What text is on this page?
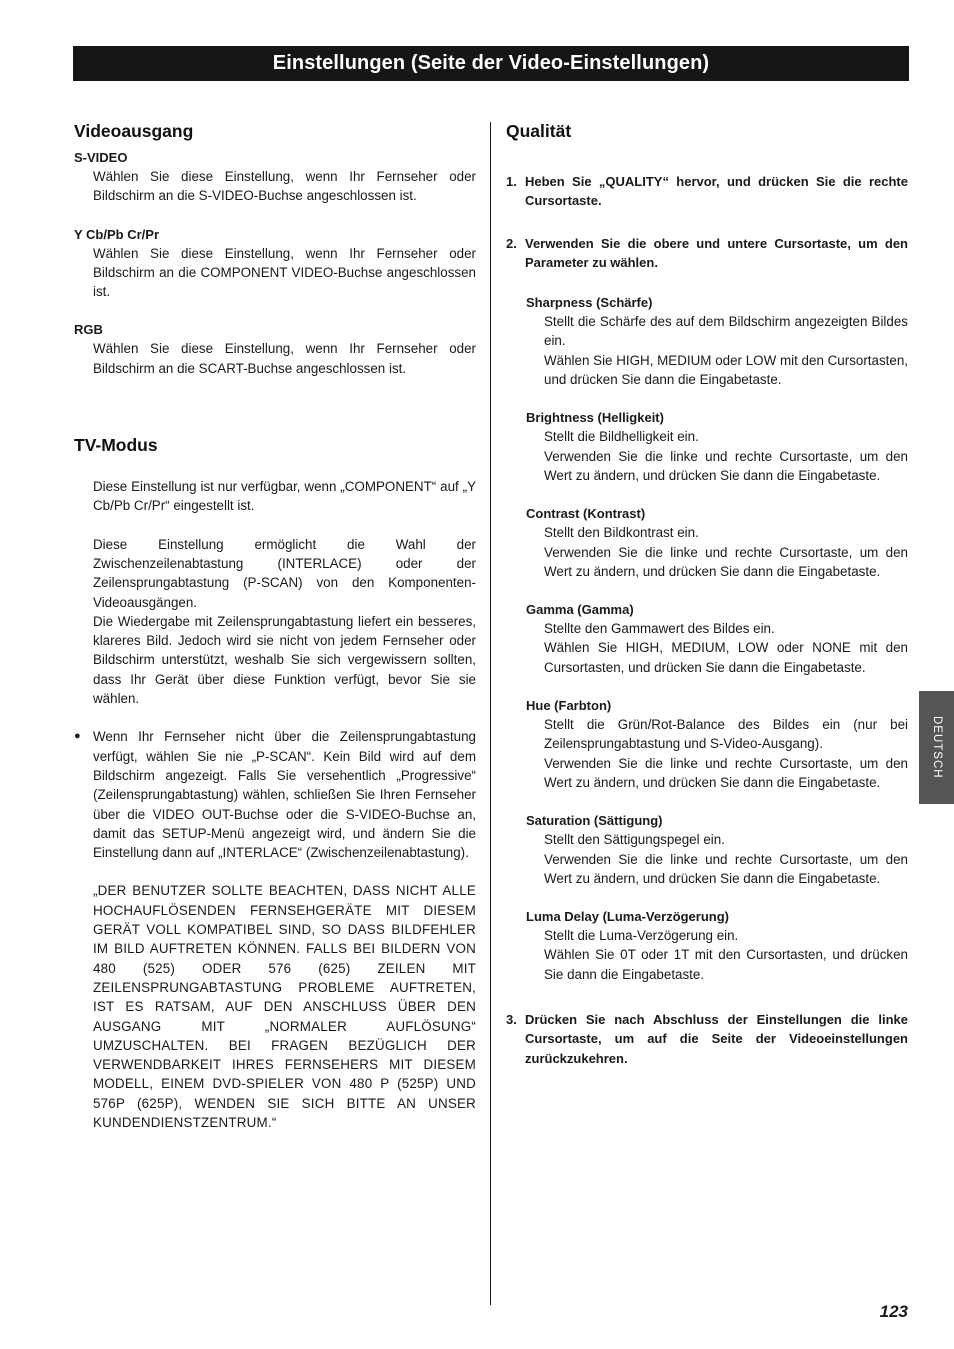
Einstellungen (Seite der Video-Einstellungen)
Videoausgang

S-VIDEO

Wählen Sie diese Einstellung, wenn Ihr Fernseher oder Bildschirm an die S-VIDEO-Buchse angeschlossen ist.

Y Cb/Pb Cr/Pr

Wählen Sie diese Einstellung, wenn Ihr Fernseher oder Bildschirm an die COMPONENT VIDEO-Buchse angeschlossen ist.

RGB

Wählen Sie diese Einstellung, wenn Ihr Fernseher oder Bildschirm an die SCART-Buchse angeschlossen ist.

TV-Modus

Diese Einstellung ist nur verfügbar, wenn „COMPONENT“ auf „Y Cb/Pb Cr/Pr“ eingestellt ist.

Diese Einstellung ermöglicht die Wahl der Zwischenzeilenabtastung (INTERLACE) oder der Zeilensprungabtastung (P-SCAN) von den Komponenten-Videoausgängen.

Die Wiedergabe mit Zeilensprungabtastung liefert ein besseres, klareres Bild. Jedoch wird sie nicht von jedem Fernseher oder Bildschirm unterstützt, weshalb Sie sich vergewissern sollten, dass Ihr Gerät über diese Funktion verfügt, bevor Sie sie wählen.

● Wenn Ihr Fernseher nicht über die Zeilensprungabtastung verfügt, wählen Sie nie „P-SCAN“. Kein Bild wird auf dem Bildschirm angezeigt. Falls Sie versehentlich „Progressive“ (Zeilensprungabtastung) wählen, schließen Sie Ihren Fernseher über die VIDEO OUT-Buchse oder die S-VIDEO-Buchse an, damit das SETUP-Menü angezeigt wird, und ändern Sie die Einstellung dann auf „INTERLACE“ (Zwischenzeilenabtastung).

„DER BENUTZER SOLLTE BEACHTEN, DASS NICHT ALLE HOCHAUFLÖSENDEN FERNSEHGERÄTE MIT DIESEM GERÄT VOLL KOMPATIBEL SIND, SO DASS BILDFEHLER IM BILD AUFTRETEN KÖNNEN. FALLS BEI BILDERN VON 480 (525) ODER 576 (625) ZEILEN MIT ZEILENSPRUNGABTASTUNG PROBLEME AUFTRETEN, IST ES RATSAM, AUF DEN ANSCHLUSS ÜBER DEN AUSGANG MIT „NORMALER AUFLÖSUNG“ UMZUSCHALTEN. BEI FRAGEN BEZÜGLICH DER VERWENDBARKEIT IHRES FERNSEHERS MIT DIESEM MODELL, EINEM DVD-SPIELER VON 480 P (525P) UND 576P (625P), WENDEN SIE SICH BITTE AN UNSER KUNDENDIENSTZENTRUM.“

Qualität
1. Heben Sie „QUALITY“ hervor, und drücken Sie die rechte Cursortaste.
2. Verwenden Sie die obere und untere Cursortaste, um den Parameter zu wählen.

Sharpness (Schärfe)

Stellt die Schärfe des auf dem Bildschirm angezeigten Bildes ein.

Wählen Sie HIGH, MEDIUM oder LOW mit den Cursortasten, und drücken Sie dann die Eingabetaste.

Brightness (Helligkeit)

Stellt die Bildhelligkeit ein.

Verwenden Sie die linke und rechte Cursortaste, um den Wert zu ändern, und drücken Sie dann die Eingabetaste.

Contrast (Kontrast)

Stellt den Bildkontrast ein.

Verwenden Sie die linke und rechte Cursortaste, um den Wert zu ändern, und drücken Sie dann die Eingabetaste.

Gamma (Gamma)

Stellte den Gammawert des Bildes ein.

Wählen Sie HIGH, MEDIUM, LOW oder NONE mit den Cursortasten, und drücken Sie dann die Eingabetaste.

Hue (Farbton)

Stellt die Grün/Rot-Balance des Bildes ein (nur bei Zeilensprungabtastung und S-Video-Ausgang).

Verwenden Sie die linke und rechte Cursortaste, um den Wert zu ändern, und drücken Sie dann die Eingabetaste.

Saturation (Sättigung)

Stellt den Sättigungspegel ein.

Verwenden Sie die linke und rechte Cursortaste, um den Wert zu ändern, und drücken Sie dann die Eingabetaste.

Luma Delay (Luma-Verzögerung)

Stellt die Luma-Verzögerung ein.

Wählen Sie 0T oder 1T mit den Cursortasten, und drücken Sie dann die Eingabetaste.

3. Drücken Sie nach Abschluss der Einstellungen die linke Cursortaste, um auf die Seite der Videoeinstellungen zurückzukehren.
DEUTSCH
123
